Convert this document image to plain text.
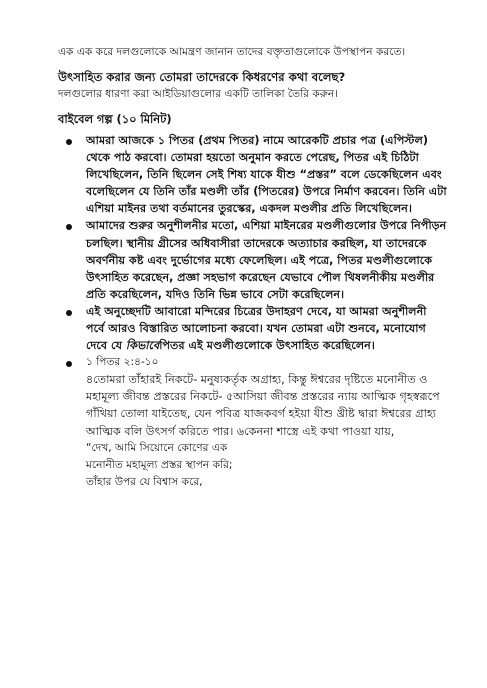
এক এক করে দলগুলোকে আমন্ত্রণ জানান তাদের বক্তৃতাগুলোকে উপস্থাপন করতে।

উৎসাহিত করার জন্য তোমরা তাদেরকে কিধরণের কথা বলেছ?

দলগুলোর ধারণা করা আইডিয়াগুলোর একটি তালিকা তৈরি করুন।

বাইবেল গল্প (১০ মিনিট)

আমরা আজকে ১ পিতর (প্রথম পিতর) নামে আরেকটি প্রচার পত্র (এপিস্টল) থেকে পাঠ করবো। তোমরা হয়তো অনুমান করতে পেরেছ, পিতর এই চিঠিটা লিখেছিলেন, তিনি ছিলেন সেই শিষ্য যাকে যীশু “প্রস্তর” বলে ডেকেছিলেন এবং বলেছিলেন যে তিনি তাঁর মণ্ডলী তাঁর (পিতরের) উপরে নির্মাণ করবেন। তিনি এটা এশিয়া মাইনর তথা বর্তমানের তুরস্কের, একদল মণ্ডলীর প্রতি লিখেছিলেন।

আমাদের শুরুর অনুশীলনীর মতো, এশিয়া মাইনরের মণ্ডলীগুলোর উপরে নিপীড়ন চলছিল। স্থানীয় গ্রীসের অধিবাসীরা তাদেরকে অত্যাচার করছিল, যা তাদেরকে অবর্ণনীয় কষ্ট এবং দুর্ভোগের মধ্যে ফেলেছিল। এই পত্রে, পিতর মণ্ডলীগুলোকে উৎসাহিত করেছেন, প্রজ্ঞা সহভাগ করেছেন যেভাবে পৌল থিষলনীকীয় মণ্ডলীর প্রতি করেছিলেন, যদিও তিনি ভিন্ন ভাবে সেটা করেছিলেন।

এই অনুচ্ছেদটি আবারো মন্দিরের চিত্রের উদাহরণ দেবে, যা আমরা অনুশীলনী পর্বে আরও বিস্তারিত আলোচনা করবো। যখন তোমরা এটা শুনবে, মনোযোগ দেবে যে কিভাবেপিতর এই মণ্ডলীগুলোকে উৎসাহিত করেছিলেন।

১ পিতর ২:৪-১০

৪তোমরা তাঁহারই নিকটে- মনুষ্যকর্তৃক অগ্রাহ্য, কিন্তু ঈশ্বরের দৃষ্টিতে মনোনীত ও মহামূল্য জীবন্ত প্রস্তরের নিকটে- ৫আসিয়া জীবন্ত প্রস্তরের ন্যায় আত্মিক গৃহস্বরূপে গাঁথিয়া তোলা যাইতেছ, যেন পবিত্র যাজকবর্গ হইয়া যীশু খ্রীষ্ট দ্বারা ঈশ্বরের গ্রাহ্য আত্মিক বলি উৎসর্গ করিতে পার। ৬কেননা শাস্ত্রে এই কথা পাওয়া যায়,

“দেখ, আমি সিয়োনে কোণের এক

মনোনীত মহামূল্য প্রস্তর স্থাপন করি;

তাঁহার উপর যে বিশ্বাস করে,
